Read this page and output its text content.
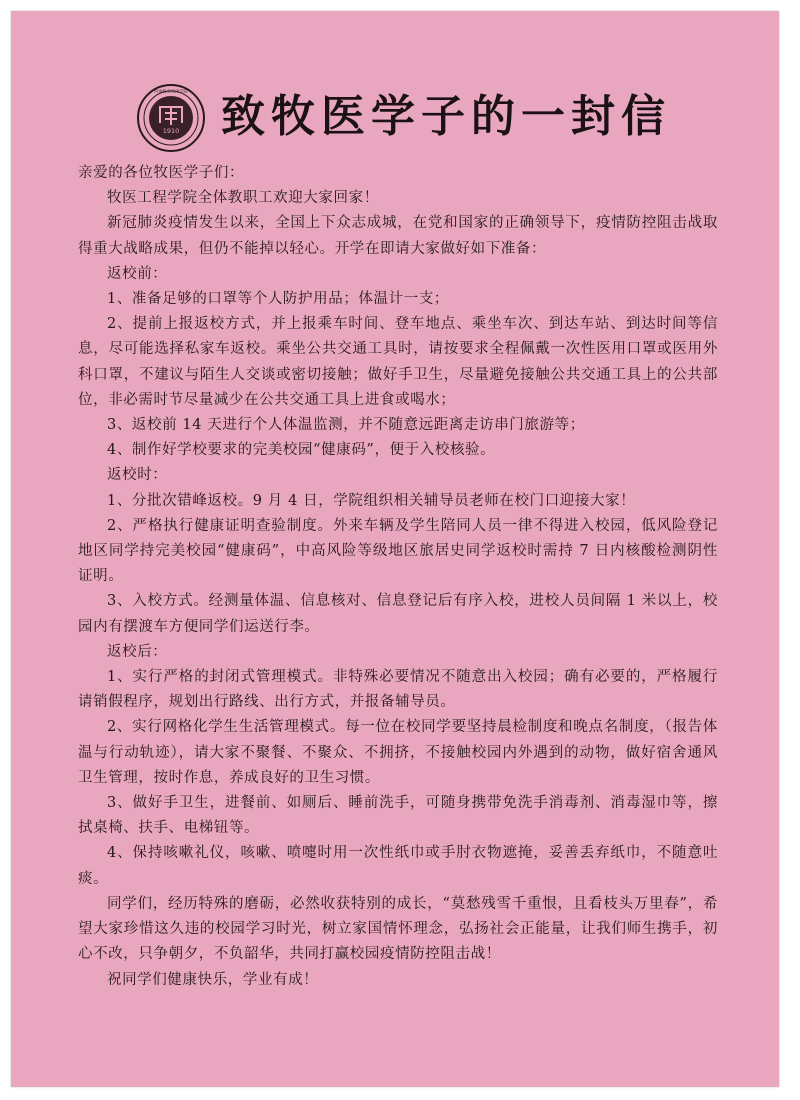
1910
河南牧业经济学院 致牧医学子的一封信

亲爱的各位牧医学子们：

牧医工程学院全体教职工欢迎大家回家！

新冠肺炎疫情发生以来，全国上下众志成城，在党和国家的正确领导下，疫情防控阻击战取得重大战略成果，但仍不能掉以轻心。开学在即请大家做好如下准备：

返校前：

1、准备足够的口罩等个人防护用品；体温计一支；

2、提前上报返校方式，并上报乘车时间、登车地点、乘坐车次、到达车站、到达时间等信息，尽可能选择私家车返校。乘坐公共交通工具时，请按要求全程佩戴一次性医用口罩或医用外科口罩，不建议与陌生人交谈或密切接触；做好手卫生，尽量避免接触公共交通工具上的公共部位，非必需时节尽量减少在公共交通工具上进食或喝水；

3、返校前 14 天进行个人体温监测，并不随意远距离走访串门旅游等；

4、制作好学校要求的完美校园“健康码”，便于入校核验。

返校时：

1、分批次错峰返校。9 月 4 日，学院组织相关辅导员老师在校门口迎接大家！

2、严格执行健康证明查验制度。外来车辆及学生陪同人员一律不得进入校园，低风险登记地区同学持完美校园“健康码”，中高风险等级地区旅居史同学返校时需持 7 日内核酸检测阴性证明。

3、入校方式。经测量体温、信息核对、信息登记后有序入校，进校人员间隔 1 米以上，校园内有摆渡车方便同学们运送行李。

返校后：

1、实行严格的封闭式管理模式。非特殊必要情况不随意出入校园；确有必要的，严格履行请销假程序，规划出行路线、出行方式，并报备辅导员。

2、实行网格化学生生活管理模式。每一位在校同学要坚持晨检制度和晚点名制度，（报告体温与行动轨迹），请大家不聚餐、不聚众、不拥挤，不接触校园内外遇到的动物，做好宿舍通风卫生管理，按时作息，养成良好的卫生习惯。

3、做好手卫生，进餐前、如厕后、睡前洗手，可随身携带免洗手消毒剂、消毒湿巾等，擦拭桌椅、扶手、电梯钮等。

4、保持咳嗽礼仪，咳嗽、喷嚏时用一次性纸巾或手肘衣物遮掩，妥善丢弃纸巾，不随意吐痰。

同学们，经历特殊的磨砺，必然收获特别的成长，“莫愁残雪千重恨，且看枝头万里春”，希望大家珍惜这久违的校园学习时光，树立家国情怀理念，弘扬社会正能量，让我们师生携手，初心不改，只争朝夕，不负韶华，共同打赢校园疫情防控阻击战！

祝同学们健康快乐，学业有成！
